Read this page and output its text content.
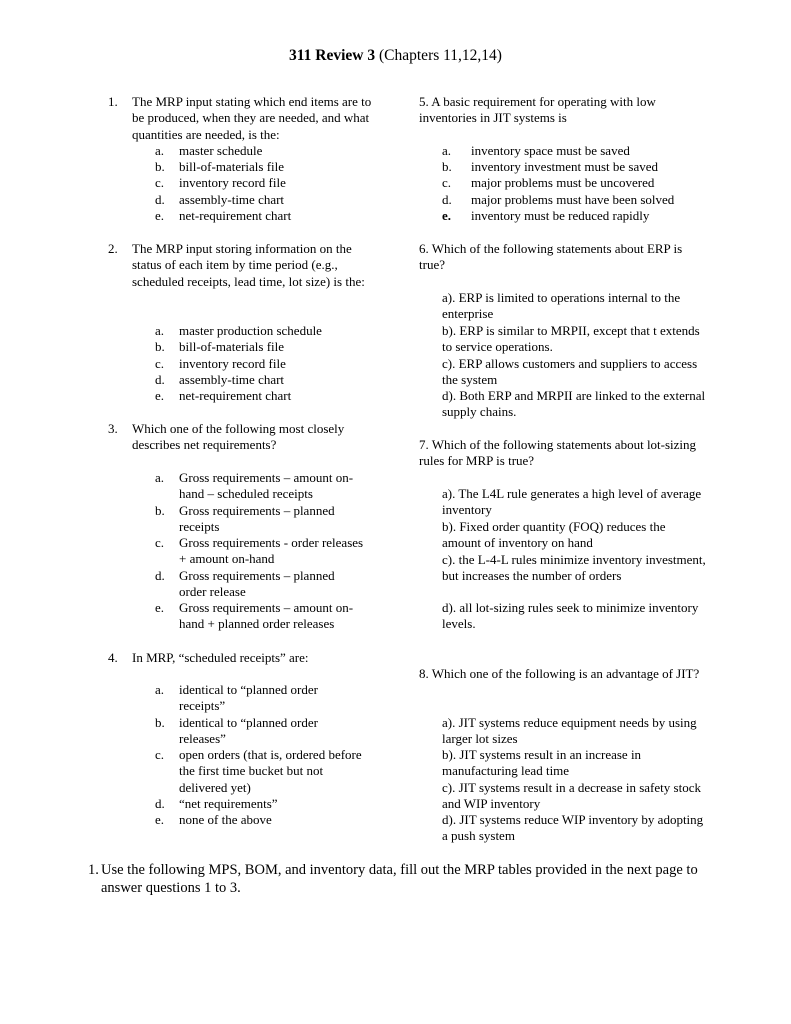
311 Review 3 (Chapters 11,12,14)
1. The MRP input stating which end items are to be produced, when they are needed, and what quantities are needed, is the:
a. master schedule
b. bill-of-materials file
c. inventory record file
d. assembly-time chart
e. net-requirement chart
2. The MRP input storing information on the status of each item by time period (e.g., scheduled receipts, lead time, lot size) is the:
a. master production schedule
b. bill-of-materials file
c. inventory record file
d. assembly-time chart
e. net-requirement chart
3. Which one of the following most closely describes net requirements?
a. Gross requirements – amount on-hand – scheduled receipts
b. Gross requirements – planned receipts
c. Gross requirements - order releases + amount on-hand
d. Gross requirements – planned order release
e. Gross requirements – amount on-hand + planned order releases
4. In MRP, “scheduled receipts” are:
a. identical to “planned order receipts”
b. identical to “planned order releases”
c. open orders (that is, ordered before the first time bucket but not delivered yet)
d. “net requirements”
e. none of the above
5. A basic requirement for operating with low inventories in JIT systems is
a. inventory space must be saved
b. inventory investment must be saved
c. major problems must be uncovered
d. major problems must have been solved
e. inventory must be reduced rapidly
6. Which of the following statements about ERP is true?
a). ERP is limited to operations internal to the enterprise
b). ERP is similar to MRPII, except that t extends to service operations.
c). ERP allows customers and suppliers to access the system
d). Both ERP and MRPII are linked to the external supply chains.
7. Which of the following statements about lot-sizing rules for MRP is true?
a). The L4L rule generates a high level of average inventory
b). Fixed order quantity (FOQ) reduces the amount of inventory on hand
c). the L-4-L rules minimize inventory investment, but increases the number of orders
d). all lot-sizing rules seek to minimize inventory levels.
8. Which one of the following is an advantage of JIT?
a). JIT systems reduce equipment needs by using larger lot sizes
b). JIT systems result in an increase in manufacturing lead time
c). JIT systems result in a decrease in safety stock and WIP inventory
d). JIT systems reduce WIP inventory by adopting a push system
1. Use the following MPS, BOM, and inventory data, fill out the MRP tables provided in the next page to answer questions 1 to 3.
